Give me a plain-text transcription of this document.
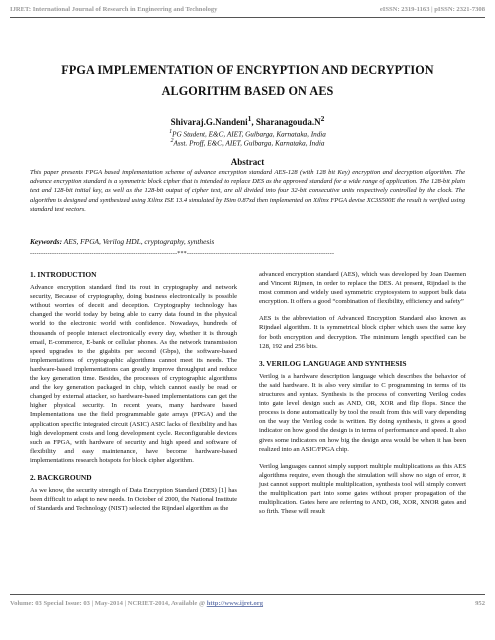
IJRET: International Journal of Research in Engineering and Technology	eISSN: 2319-1163 | pISSN: 2321-7308
FPGA IMPLEMENTATION OF ENCRYPTION AND DECRYPTION
ALGORITHM BASED ON AES
Shivaraj.G.Nandeni$^1$, $Sharanagouda.N^2$
$^1$PG Student, E&C, AIET, Gulbarga, Karnataka, India
$^2$Asst. Proff, E&C, AIET, Gulbarga, Karnataka, India
Abstract
This paper presents FPGA based implementation scheme of advance encryption standard AES-128 (with 128 bit Key) encryption and decryption algorithm. The advance encryption standard is a symmetric block cipher that is intended to replace DES as the approved standard for a wide range of application. The 128-bit plain text and 128-bit initial key, as well as the 128-bit output of cipher text, are all divided into four 32-bit consecutive units respectively controlled by the clock. The algorithm is designed and synthesized using Xilinx ISE 13.4 simulated by ISim 0.87xd then implemented on Xilinx FPGA devise XC3S500E the result is verified using standard test vectors.
Keywords: AES, FPGA, Verilog HDL, cryptography, synthesis
-------------------------------------------------------------------***-------------------------------------------------------------------
1. INTRODUCTION
Advance encryption standard find its rout in cryptography and network security, Because of cryptography, doing business electronically is possible without worries of deceit and deception. Cryptography technology has changed the world today by being able to carry data found in the physical world to the electronic world with confidence. Nowadays, hundreds of thousands of people interact electronically every day, whether it is through email, E-commerce, E-bank or cellular phones. As the network transmission speed upgrades to the gigabits per second (Gbps), the software-based implementations of cryptographic algorithms cannot meet its needs. The hardware-based implementations can greatly improve throughput and reduce the key generation time. Besides, the processes of cryptographic algorithms and the key generation packaged in chip, which cannot easily be read or changed by external attacker, so hardware-based implementations can get the higher physical security. In recent years, many hardware based Implementations use the field programmable gate arrays (FPGA) and the application specific integrated circuit (ASIC) ASIC lacks of flexibility and has high development costs and long development cycle. Reconfigurable devices such as FPGA, with hardware of security and high speed and software of flexibility and easy maintenance, have become hardware-based implementations research hotspots for block cipher algorithm.
2. BACKGROUND
As we know, the security strength of Data Encryption Standard (DES) [1] has been difficult to adapt to new needs. In October of 2000, the National Institute of Standards and Technology (NIST) selected the Rijndael algorithm as the
advanced encryption standard (AES), which was developed by Joan Daemen and Vincent Rijmen, in order to replace the DES. At present, Rijndael is the most common and widely used symmetric cryptosystem to support bulk data encryption. It offers a good “combination of flexibility, efficiency and safety”
AES is the abbreviation of Advanced Encryption Standard also known as Rijndael algorithm. It is symmetrical block cipher which uses the same key for both encryption and decryption. The minimum length specified can be 128, 192 and 256 bits.
3. VERILOG LANGUAGE AND SYNTHESIS
Verilog is a hardware description language which describes the behavior of the said hardware. It is also very similar to C programming in terms of its structures and syntax. Synthesis is the process of converting Verilog codes into gate level design such as AND, OR, XOR and flip flops. Since the process is done automatically by tool the result from this will vary depending on the way the Verilog code is written. By doing synthesis, it gives a good indicator on how good the design is in terms of performance and speed. It also gives some indicators on how big the design area would be when it has been realized into an ASIC/FPGA chip.
Verilog languages cannot simply support multiple multiplications as this AES algorithms require, even though the simulation will show no sign of error, it just cannot support multiple multiplication, synthesis tool will simply convert the multiplication part into some gates without proper propagation of the multiplication. Gates here are referring to AND, OR, XOR, XNOR gates and so firth. These will result
Volume: 03 Special Issue: 03 | May-2014 | NCRIET-2014, Available @ http://www.ijret.org	952
